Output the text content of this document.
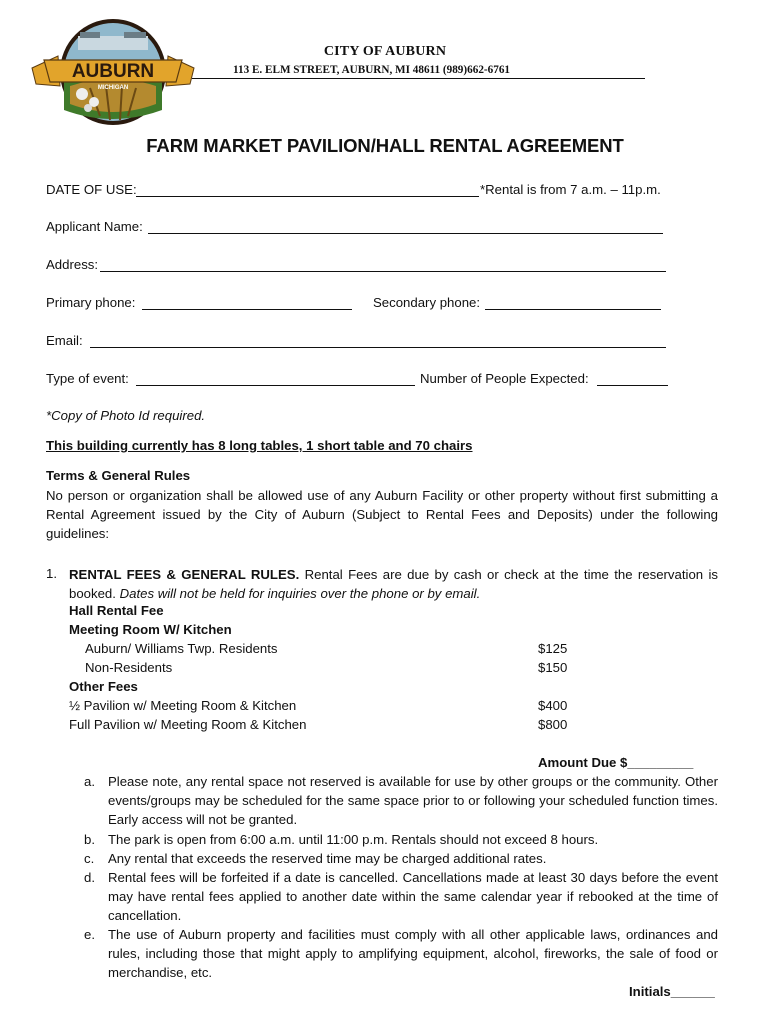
AUBURN
MICHIGAN
CITY OF AUBURN
113 E. ELM STREET, AUBURN, MI 48611 (989)662-6761
FARM MARKET PAVILION/HALL RENTAL AGREEMENT
DATE OF USE:	*Rental is from 7 a.m. – 11p.m.
Applicant Name:
Address:
Primary phone:	Secondary phone:
Email:
Type of event:	Number of People Expected:
*Copy of Photo Id required.
This building currently has 8 long tables, 1 short table and 70 chairs
Terms & General Rules
No person or organization shall be allowed use of any Auburn Facility or other property without first submitting a Rental Agreement issued by the City of Auburn (Subject to Rental Fees and Deposits) under the following guidelines:
1. RENTAL FEES & GENERAL RULES. Rental Fees are due by cash or check at the time the reservation is booked. Dates will not be held for inquiries over the phone or by email.
Hall Rental Fee
Meeting Room W/ Kitchen
Auburn/ Williams Twp. Residents	$125
Non-Residents	$150
Other Fees
½ Pavilion w/ Meeting Room & Kitchen	$400
Full Pavilion w/ Meeting Room & Kitchen	$800
Amount Due $_________
a. Please note, any rental space not reserved is available for use by other groups or the community. Other events/groups may be scheduled for the same space prior to or following your scheduled function times. Early access will not be granted.
b. The park is open from 6:00 a.m. until 11:00 p.m. Rentals should not exceed 8 hours.
c.	Any rental that exceeds the reserved time may be charged additional rates.
d. Rental fees will be forfeited if a date is cancelled. Cancellations made at least 30 days before the event may have rental fees applied to another date within the same calendar year if rebooked at the time of cancellation.
e. The use of Auburn property and facilities must comply with all other applicable laws, ordinances and rules, including those that might apply to amplifying equipment, alcohol, fireworks, the sale of food or merchandise, etc.
Initials______
